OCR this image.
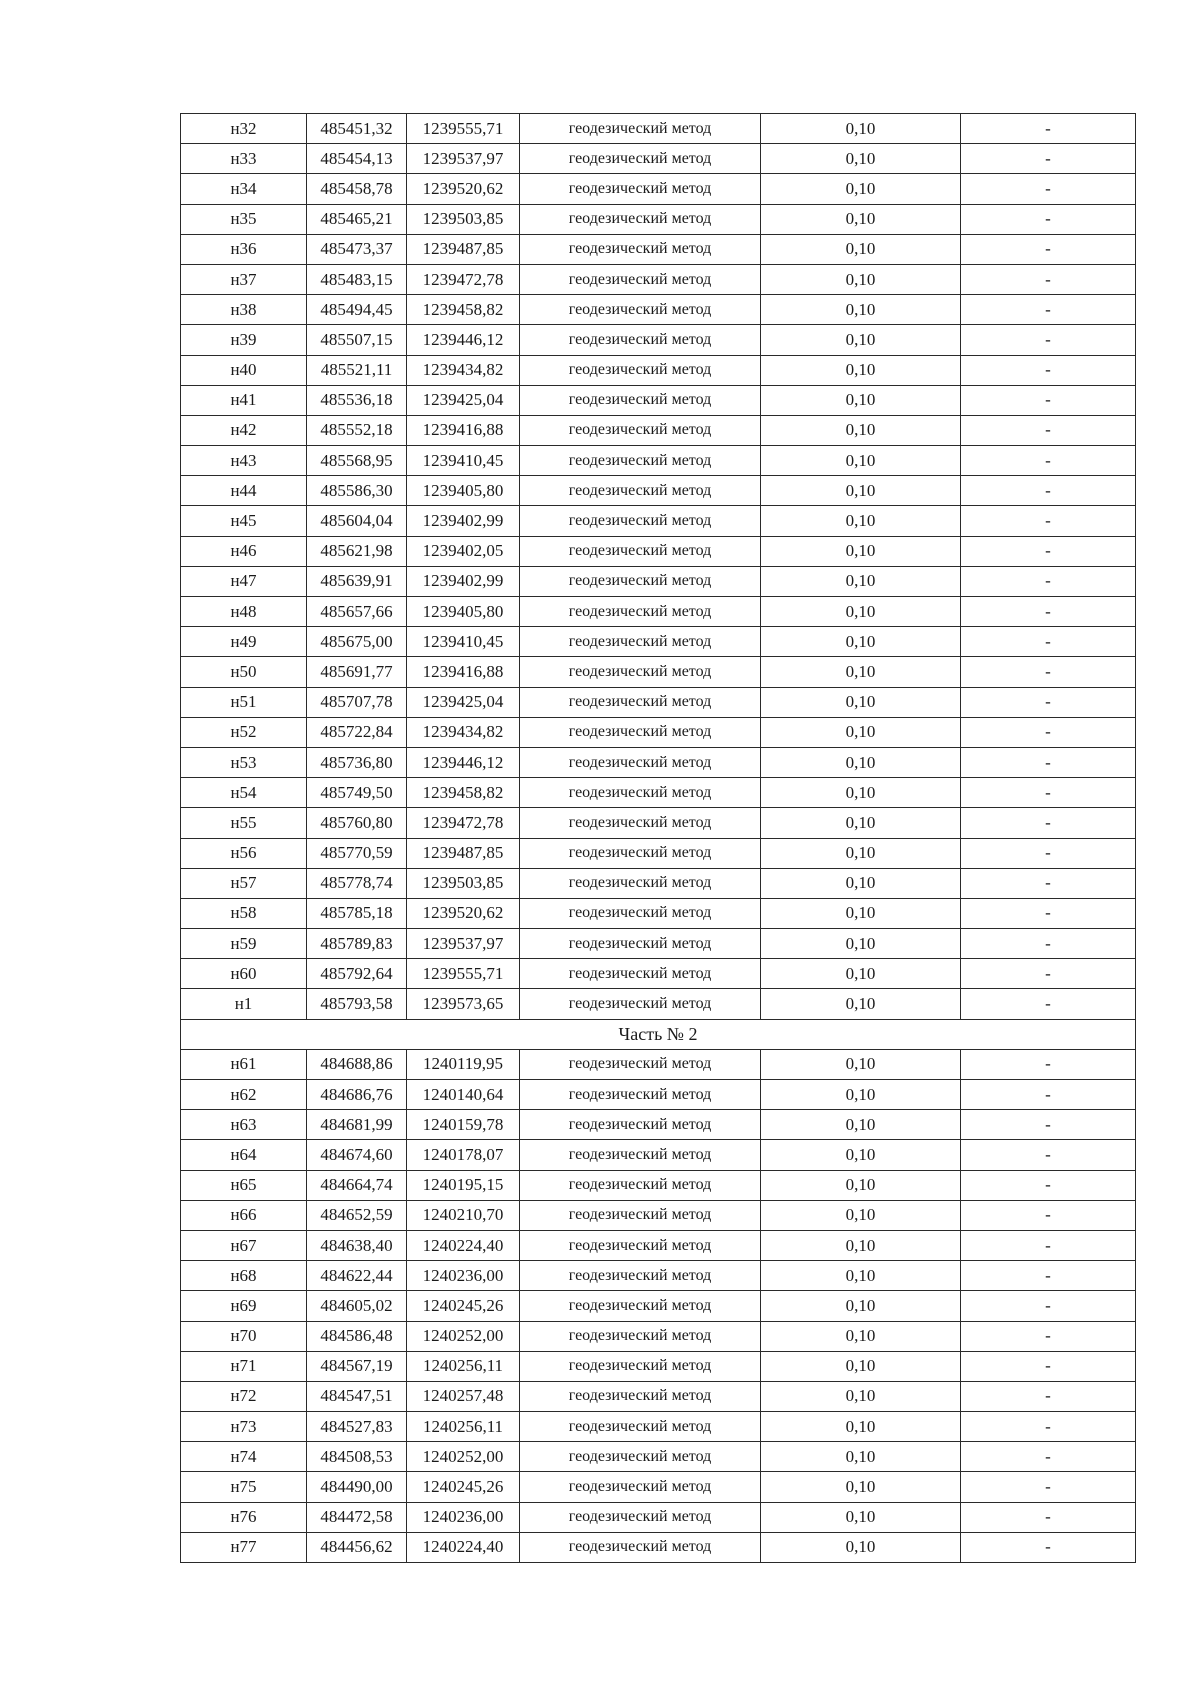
н32	485451,32	1239555,71	геодезический метод	0,10	-
н33	485454,13	1239537,97	геодезический метод	0,10	-
н34	485458,78	1239520,62	геодезический метод	0,10	-
н35	485465,21	1239503,85	геодезический метод	0,10	-
н36	485473,37	1239487,85	геодезический метод	0,10	-
н37	485483,15	1239472,78	геодезический метод	0,10	-
н38	485494,45	1239458,82	геодезический метод	0,10	-
н39	485507,15	1239446,12	геодезический метод	0,10	-
н40	485521,11	1239434,82	геодезический метод	0,10	-
н41	485536,18	1239425,04	геодезический метод	0,10	-
н42	485552,18	1239416,88	геодезический метод	0,10	-
н43	485568,95	1239410,45	геодезический метод	0,10	-
н44	485586,30	1239405,80	геодезический метод	0,10	-
н45	485604,04	1239402,99	геодезический метод	0,10	-
н46	485621,98	1239402,05	геодезический метод	0,10	-
н47	485639,91	1239402,99	геодезический метод	0,10	-
н48	485657,66	1239405,80	геодезический метод	0,10	-
н49	485675,00	1239410,45	геодезический метод	0,10	-
н50	485691,77	1239416,88	геодезический метод	0,10	-
н51	485707,78	1239425,04	геодезический метод	0,10	-
н52	485722,84	1239434,82	геодезический метод	0,10	-
н53	485736,80	1239446,12	геодезический метод	0,10	-
н54	485749,50	1239458,82	геодезический метод	0,10	-
н55	485760,80	1239472,78	геодезический метод	0,10	-
н56	485770,59	1239487,85	геодезический метод	0,10	-
н57	485778,74	1239503,85	геодезический метод	0,10	-
н58	485785,18	1239520,62	геодезический метод	0,10	-
н59	485789,83	1239537,97	геодезический метод	0,10	-
н60	485792,64	1239555,71	геодезический метод	0,10	-
н1	485793,58	1239573,65	геодезический метод	0,10	-
Часть № 2					
н61	484688,86	1240119,95	геодезический метод	0,10	-
н62	484686,76	1240140,64	геодезический метод	0,10	-
н63	484681,99	1240159,78	геодезический метод	0,10	-
н64	484674,60	1240178,07	геодезический метод	0,10	-
н65	484664,74	1240195,15	геодезический метод	0,10	-
н66	484652,59	1240210,70	геодезический метод	0,10	-
н67	484638,40	1240224,40	геодезический метод	0,10	-
н68	484622,44	1240236,00	геодезический метод	0,10	-
н69	484605,02	1240245,26	геодезический метод	0,10	-
н70	484586,48	1240252,00	геодезический метод	0,10	-
н71	484567,19	1240256,11	геодезический метод	0,10	-
н72	484547,51	1240257,48	геодезический метод	0,10	-
н73	484527,83	1240256,11	геодезический метод	0,10	-
н74	484508,53	1240252,00	геодезический метод	0,10	-
н75	484490,00	1240245,26	геодезический метод	0,10	-
н76	484472,58	1240236,00	геодезический метод	0,10	-
н77	484456,62	1240224,40	геодезический метод	0,10	-
